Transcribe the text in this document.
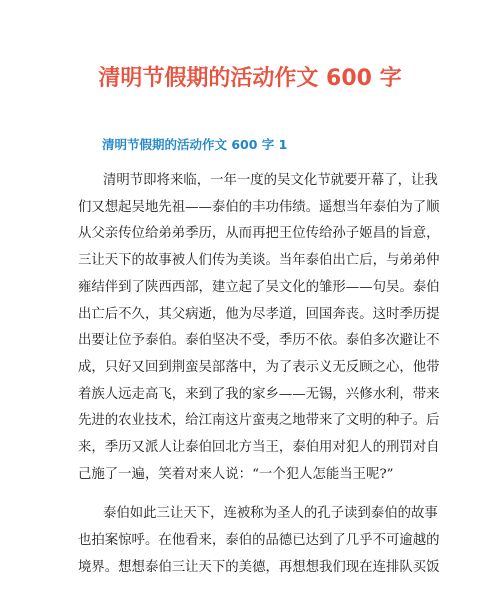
清明节假期的活动作文 600 字
清明节假期的活动作文 600 字 1

清明节即将来临，一年一度的吴文化节就要开幕了，让我
们又想起吴地先祖——泰伯的丰功伟绩。遥想当年泰伯为了顺
从父亲传位给弟弟季历，从而再把王位传给孙子姬昌的旨意，
三让天下的故事被人们传为美谈。当年泰伯出亡后，与弟弟仲
雍结伴到了陕西西部，建立起了吴文化的雏形——句吴。泰伯
出亡后不久，其父病逝，他为尽孝道，回国奔丧。这时季历提
出要让位予泰伯。泰伯坚决不受，季历不依。泰伯多次避让不
成，只好又回到荆蛮吴部落中，为了表示义无反顾之心，他带
着族人远走高飞，来到了我的家乡——无锡，兴修水利，带来
先进的农业技术，给江南这片蛮夷之地带来了文明的种子。后
来，季历又派人让泰伯回北方当王，泰伯用对犯人的刑罚对自
己施了一遍，笑着对来人说：“一个犯人怎能当王呢?”

泰伯如此三让天下，连被称为圣人的孔子读到泰伯的故事
也拍案惊呼。在他看来，泰伯的品德已达到了几乎不可逾越的
境界。想想泰伯三让天下的美德，再想想我们现在连排队买饭
